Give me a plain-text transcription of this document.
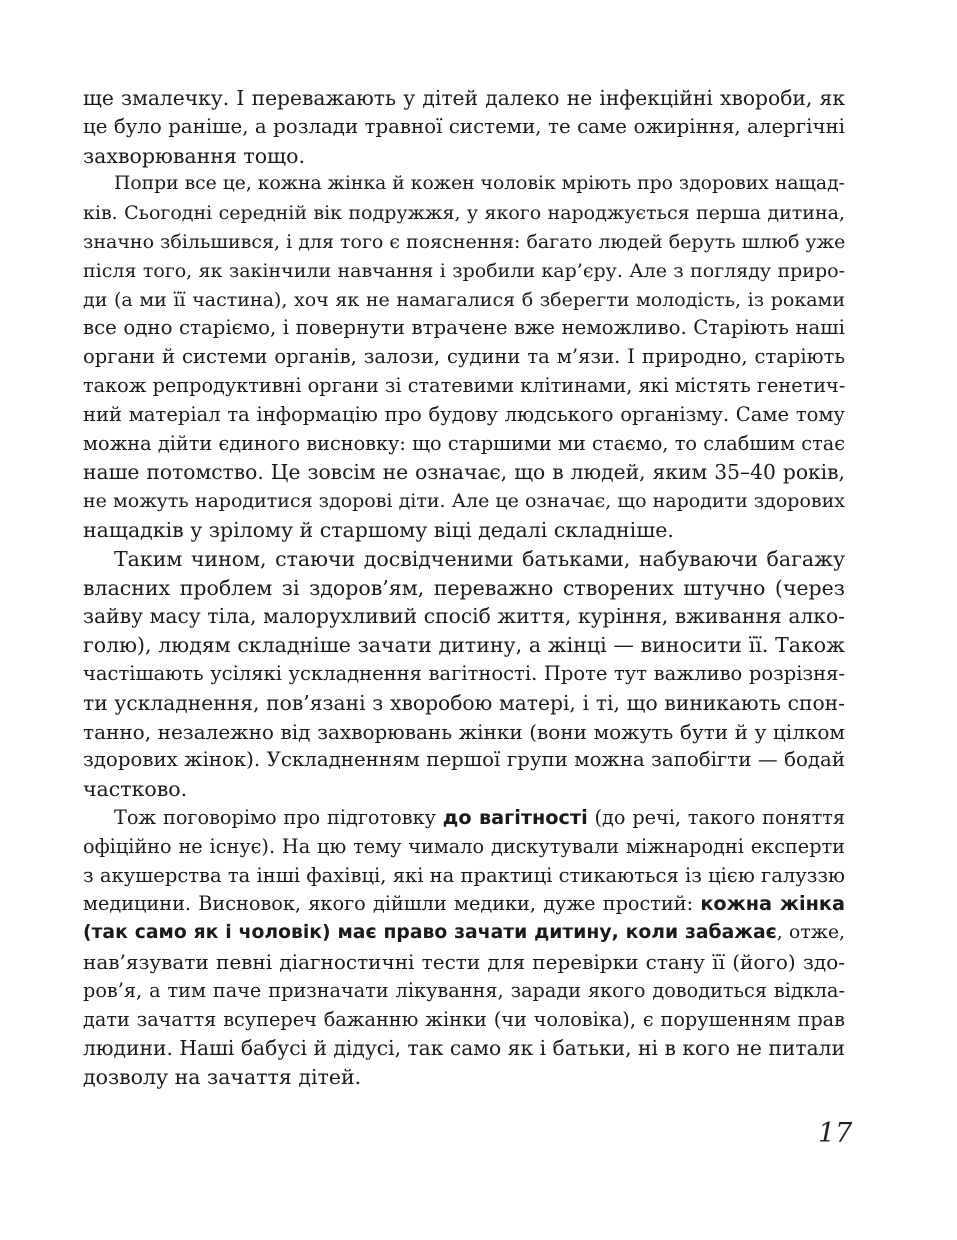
ще змалечку. І переважають у дітей далеко не інфекційні хвороби, як
це було раніше, а розлади травної системи, те саме ожиріння, алергічні
захворювання тощо.

Попри все це, кожна жінка й кожен чоловік мріють про здорових нащад-
ків. Сьогодні середній вік подружжя, у якого народжується перша дитина,
значно збільшився, і для того є пояснення: багато людей беруть шлюб уже
після того, як закінчили навчання і зробили кар’єру. Але з погляду приро-
ди (а ми її частина), хоч як не намагалися б зберегти молодість, із роками
все одно старіємо, і повернути втрачене вже неможливо. Старіють наші
органи й системи органів, залози, судини та м’язи. І природно, старіють
також репродуктивні органи зі статевими клітинами, які містять генетич-
ний матеріал та інформацію про будову людського організму. Саме тому
можна дійти єдиного висновку: що старшими ми стаємо, то слабшим стає
наше потомство. Це зовсім не означає, що в людей, яким 35–40 років,
не можуть народитися здорові діти. Але це означає, що народити здорових
нащадків у зрілому й старшому віці дедалі складніше.

Таким чином, стаючи досвідченими батьками, набуваючи багажу
власних проблем зі здоров’ям, переважно створених штучно (через
зайву масу тіла, малорухливий спосіб життя, куріння, вживання алко-
голю), людям складніше зачати дитину, а жінці — виносити її. Також
частішають усілякі ускладнення вагітності. Проте тут важливо розрізня-
ти ускладнення, пов’язані з хворобою матері, і ті, що виникають спон-
танно, незалежно від захворювань жінки (вони можуть бути й у цілком
здорових жінок). Ускладненням першої групи можна запобігти — бодай
частково.

Тож поговорімо про підготовку до вагітності (до речі, такого поняття
офіційно не існує). На цю тему чимало дискутували міжнародні експерти
з акушерства та інші фахівці, які на практиці стикаються із цією галуззю
медицини. Висновок, якого дійшли медики, дуже простий: кожна жінка
(так само як і чоловік) має право зачати дитину, коли забажає, отже,
нав’язувати певні діагностичні тести для перевірки стану її (його) здо-
ров’я, а тим паче призначати лікування, заради якого доводиться відкла-
дати зачаття всупереч бажанню жінки (чи чоловіка), є порушенням прав
людини. Наші бабусі й дідусі, так само як і батьки, ні в кого не питали
дозволу на зачаття дітей.

17
